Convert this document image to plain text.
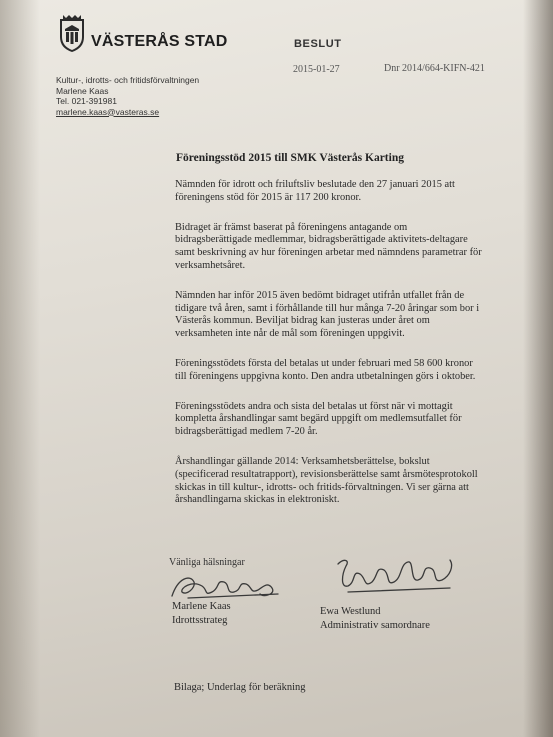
VÄSTERÅS STAD	BESLUT
2015-01-27	Dnr 2014/664-KIFN-421
Kultur-, idrotts- och fritidsförvaltningen
Marlene Kaas
Tel. 021-391981
marlene.kaas@vasteras.se
Föreningsstöd 2015 till SMK Västerås Karting

Nämnden för idrott och friluftsliv beslutade den 27 januari 2015 att föreningens stöd för 2015 är 117 200 kronor.

Bidraget är främst baserat på föreningens antagande om bidragsberättigade medlemmar, bidragsberättigade aktivitets-deltagare samt beskrivning av hur föreningen arbetar med nämndens parametrar för verksamhetsåret.

Nämnden har inför 2015 även bedömt bidraget utifrån utfallet från de tidigare två åren, samt i förhållande till hur många 7-20 åringar som bor i Västerås kommun. Beviljat bidrag kan justeras under året om verksamheten inte når de mål som föreningen uppgivit.

Föreningsstödets första del betalas ut under februari med 58 600 kronor till föreningens uppgivna konto. Den andra utbetalningen görs i oktober.

Föreningsstödets andra och sista del betalas ut först när vi mottagit kompletta årshandlingar samt begärd uppgift om medlemsutfallet för bidragsberättigad medlem 7-20 år.

Årshandlingar gällande 2014: Verksamhetsberättelse, bokslut (specificerad resultatrapport), revisionsberättelse samt årsmötesprotokoll skickas in till kultur-, idrotts- och fritids-förvaltningen. Vi ser gärna att årshandlingarna skickas in elektroniskt.

Vänliga hälsningar
Marlene Kaas
Idrottsstrateg
Ewa Westlund
Administrativ samordnare
Bilaga; Underlag för beräkning
